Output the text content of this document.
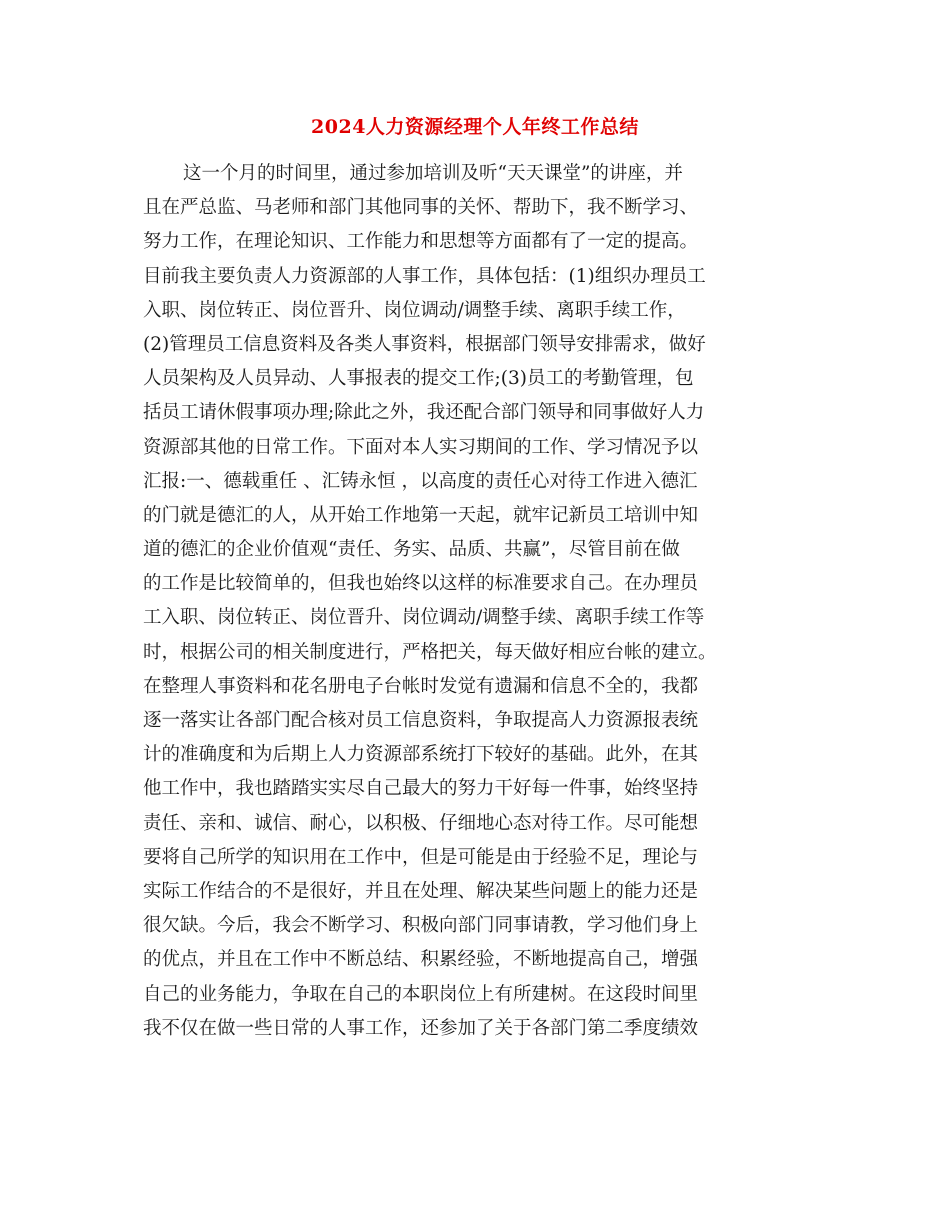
2024人力资源经理个人年终工作总结
这一个月的时间里，通过参加培训及听“天天课堂”的讲座，并
且在严总监、马老师和部门其他同事的关怀、帮助下，我不断学习、
努力工作，在理论知识、工作能力和思想等方面都有了一定的提高。
目前我主要负责人力资源部的人事工作，具体包括：(1)组织办理员工
入职、岗位转正、岗位晋升、岗位调动/调整手续、离职手续工作，
(2)管理员工信息资料及各类人事资料，根据部门领导安排需求，做好
人员架构及人员异动、人事报表的提交工作;(3)员工的考勤管理，包
括员工请休假事项办理;除此之外，我还配合部门领导和同事做好人力
资源部其他的日常工作。下面对本人实习期间的工作、学习情况予以
汇报:一、德载重任 、汇铸永恒 ，以高度的责任心对待工作进入德汇
的门就是德汇的人，从开始工作地第一天起，就牢记新员工培训中知
道的德汇的企业价值观“责任、务实、品质、共赢”，尽管目前在做
的工作是比较简单的，但我也始终以这样的标准要求自己。在办理员
工入职、岗位转正、岗位晋升、岗位调动/调整手续、离职手续工作等
时，根据公司的相关制度进行，严格把关，每天做好相应台帐的建立。
在整理人事资料和花名册电子台帐时发觉有遗漏和信息不全的，我都
逐一落实让各部门配合核对员工信息资料，争取提高人力资源报表统
计的准确度和为后期上人力资源部系统打下较好的基础。此外，在其
他工作中，我也踏踏实实尽自己最大的努力干好每一件事，始终坚持
责任、亲和、诚信、耐心，以积极、仔细地心态对待工作。尽可能想
要将自己所学的知识用在工作中，但是可能是由于经验不足，理论与
实际工作结合的不是很好，并且在处理、解决某些问题上的能力还是
很欠缺。今后，我会不断学习、积极向部门同事请教，学习他们身上
的优点，并且在工作中不断总结、积累经验，不断地提高自己，增强
自己的业务能力，争取在自己的本职岗位上有所建树。在这段时间里
我不仅在做一些日常的人事工作，还参加了关于各部门第二季度绩效
